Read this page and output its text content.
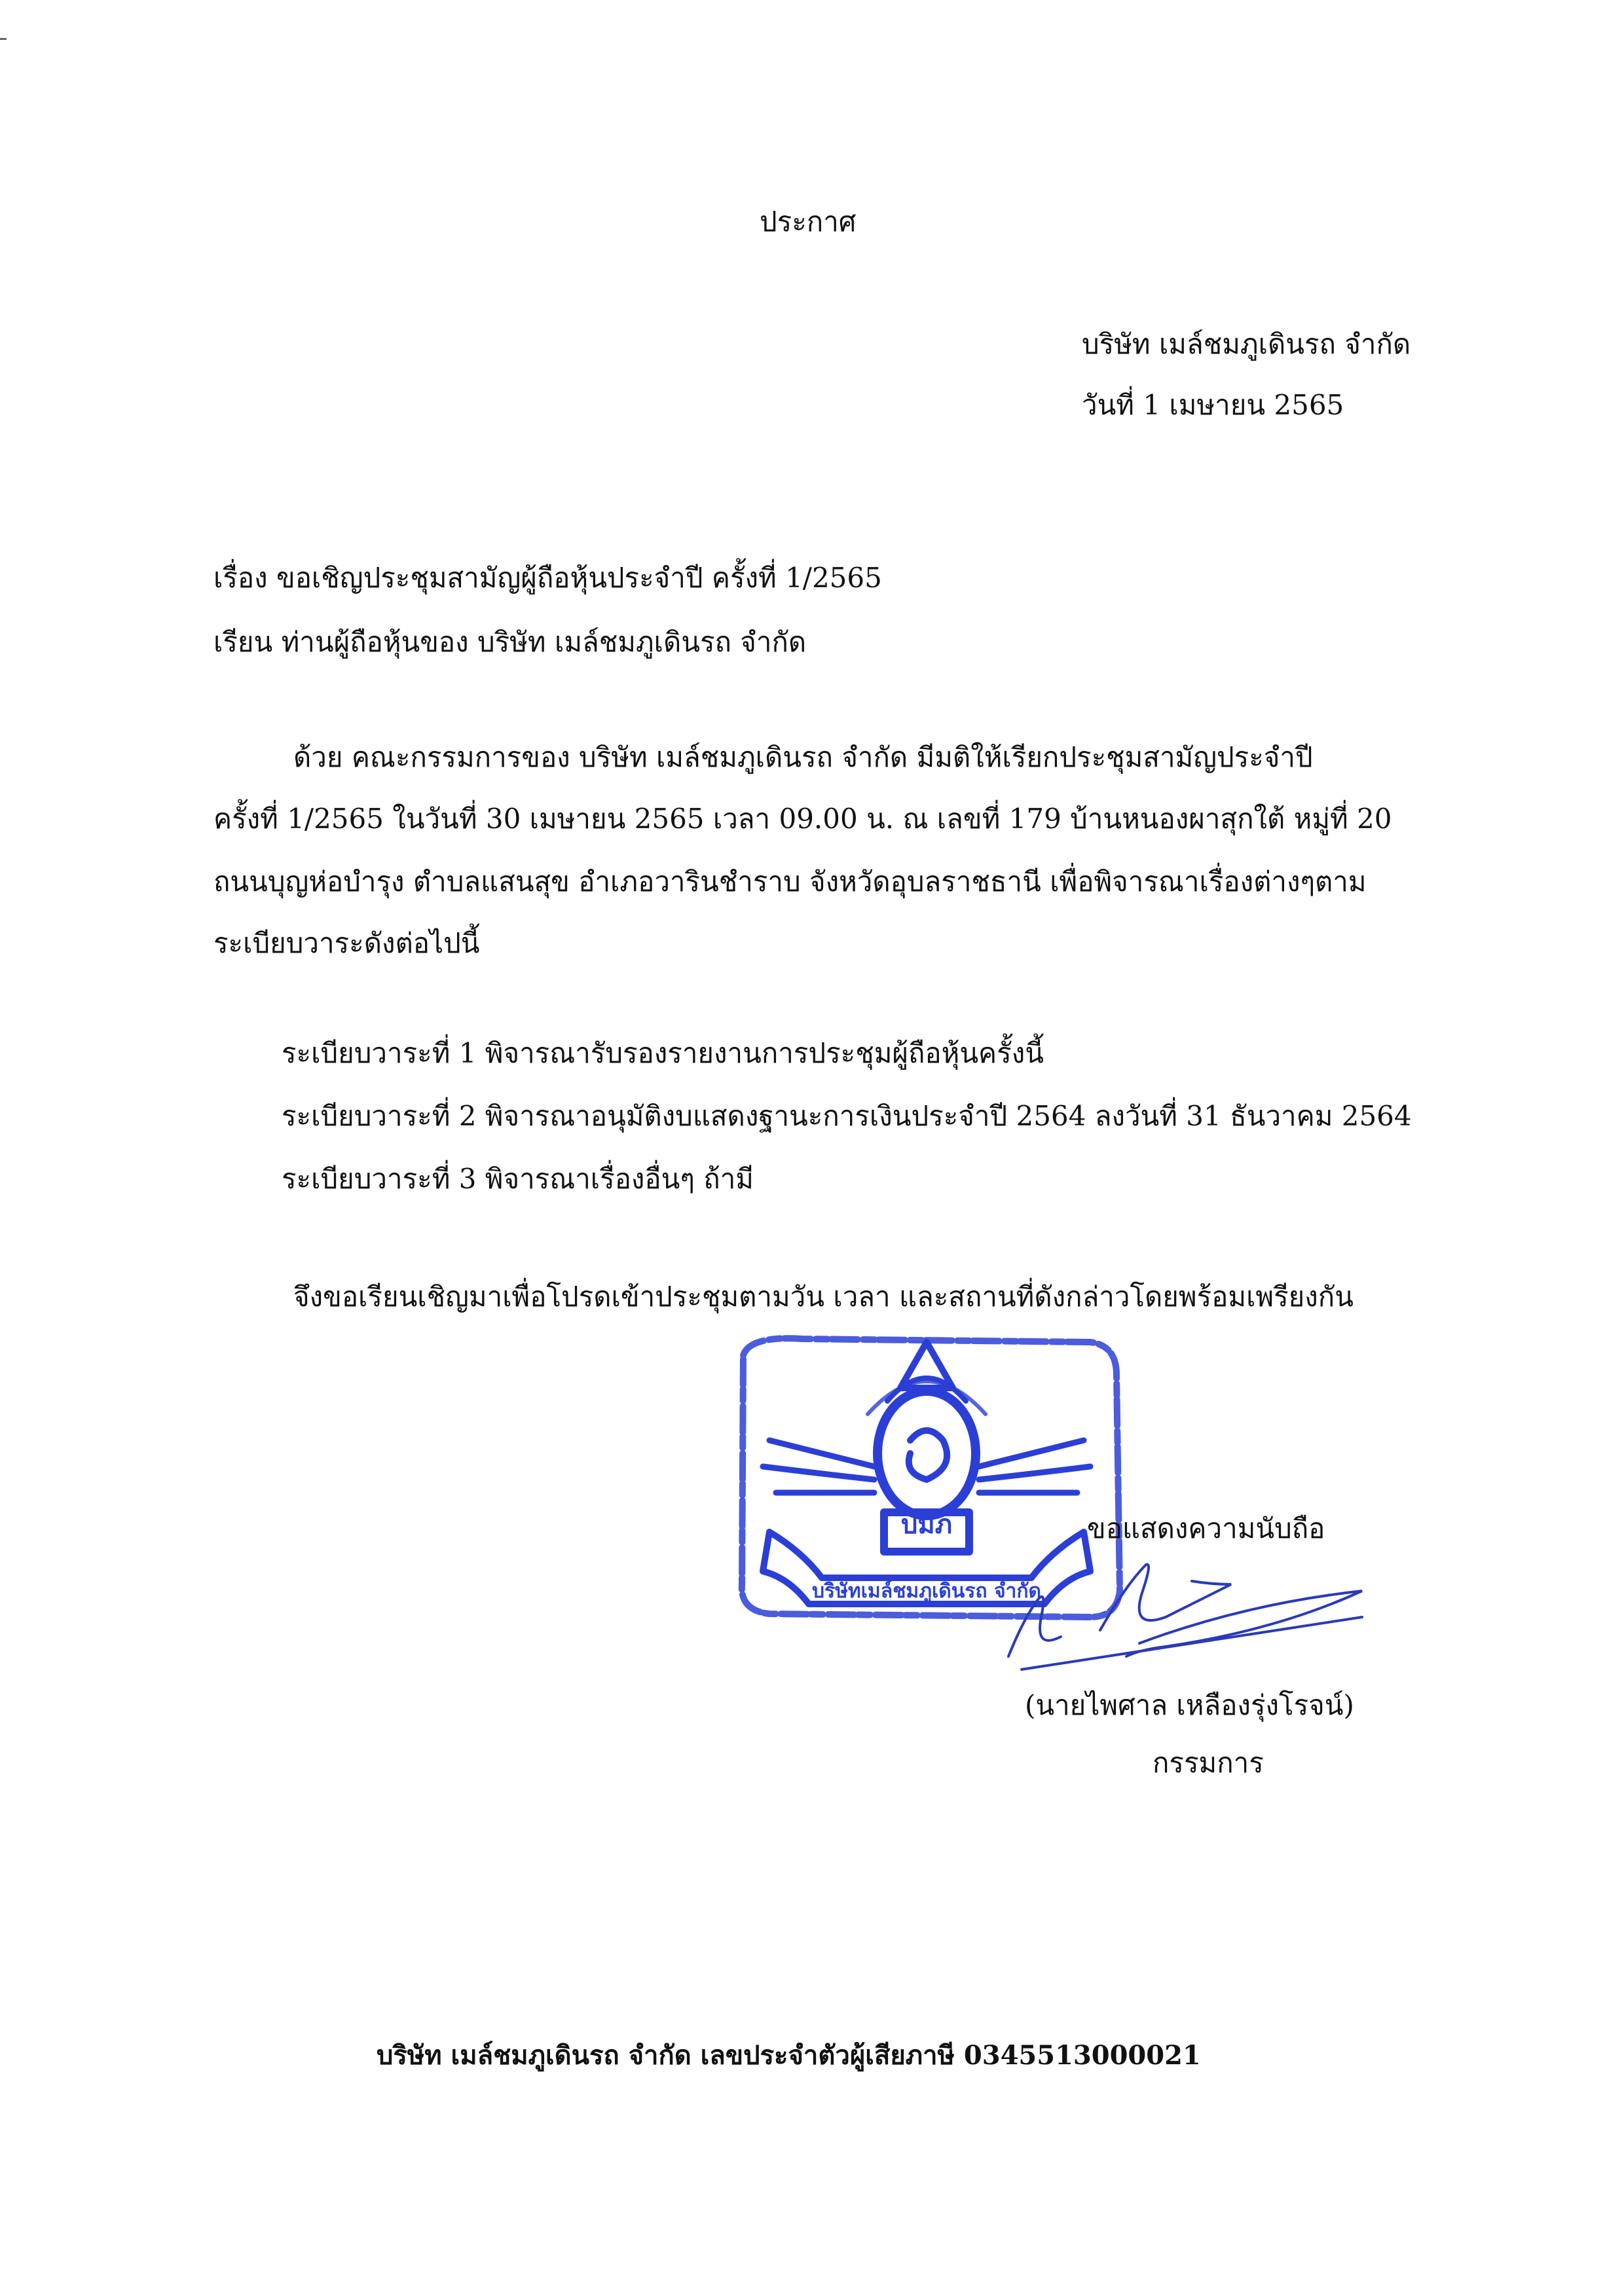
ประกาศ
บริษัท เมล์ชมภูเดินรถ จำกัด
วันที่ 1 เมษายน 2565
เรื่อง ขอเชิญประชุมสามัญผู้ถือหุ้นประจำปี ครั้งที่ 1/2565
เรียน ท่านผู้ถือหุ้นของ บริษัท เมล์ชมภูเดินรถ จำกัด
ด้วย คณะกรรมการของ บริษัท เมล์ชมภูเดินรถ จำกัด มีมติให้เรียกประชุมสามัญประจำปี
ครั้งที่ 1/2565 ในวันที่ 30 เมษายน 2565 เวลา 09.00 น. ณ เลขที่ 179 บ้านหนองผาสุกใต้ หมู่ที่ 20
ถนนบุญห่อบำรุง ตำบลแสนสุข อำเภอวารินชำราบ จังหวัดอุบลราชธานี เพื่อพิจารณาเรื่องต่างๆตาม
ระเบียบวาระดังต่อไปนี้
ระเบียบวาระที่ 1 พิจารณารับรองรายงานการประชุมผู้ถือหุ้นครั้งนี้
ระเบียบวาระที่ 2 พิจารณาอนุมัติงบแสดงฐานะการเงินประจำปี 2564 ลงวันที่ 31 ธันวาคม 2564
ระเบียบวาระที่ 3 พิจารณาเรื่องอื่นๆ ถ้ามี
จึงขอเรียนเชิญมาเพื่อโปรดเข้าประชุมตามวัน เวลา และสถานที่ดังกล่าวโดยพร้อมเพรียงกัน
บมภ
บริษัทเมล์ชมภูเดินรถ จำกัด
ขอแสดงความนับถือ
(นายไพศาล เหลืองรุ่งโรจน์)
กรรมการ
บริษัท เมล์ชมภูเดินรถ จำกัด เลขประจำตัวผู้เสียภาษี 0345513000021
